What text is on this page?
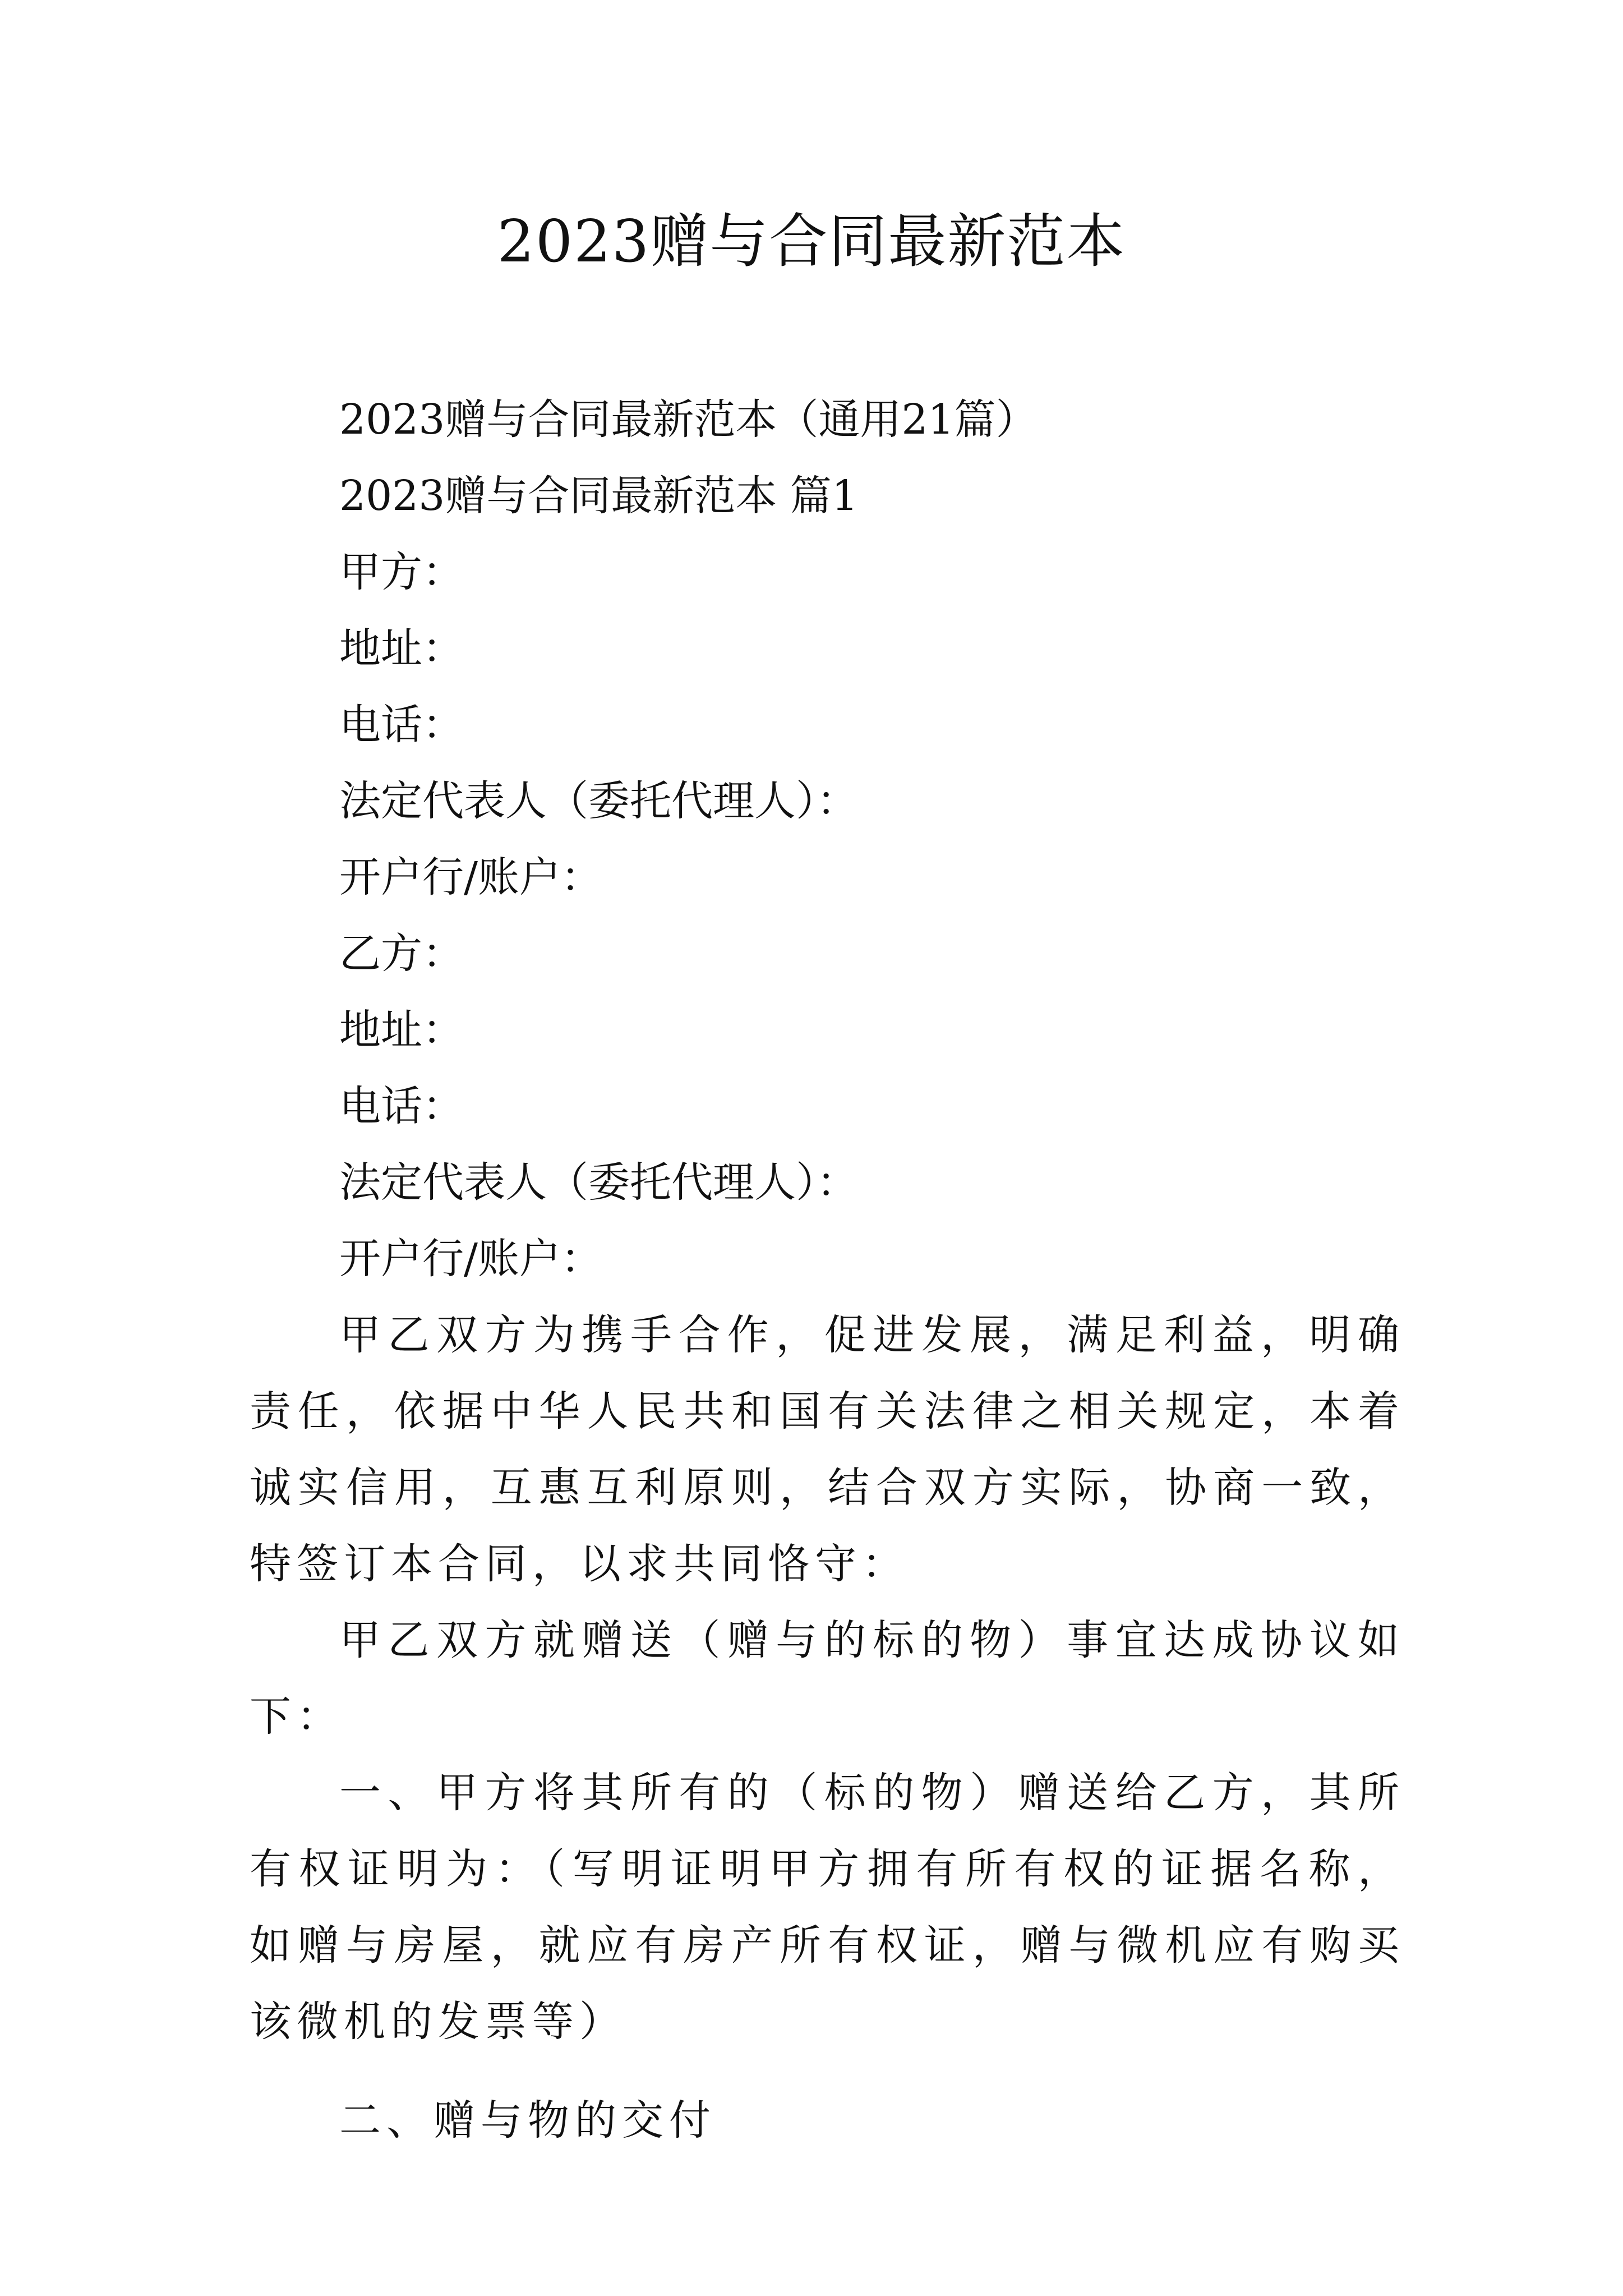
2023赠与合同最新范本

2023赠与合同最新范本（通用21篇）

2023赠与合同最新范本 篇1

甲方：

地址：

电话：

法定代表人（委托代理人）：

开户行/账户：

乙方：

地址：

电话：

法定代表人（委托代理人）：

开户行/账户：

甲乙双方为携手合作，促进发展，满足利益，明确责任，依据中华人民共和国有关法律之相关规定，本着诚实信用，互惠互利原则，结合双方实际，协商一致，特签订本合同，以求共同恪守：

甲乙双方就赠送（赠与的标的物）事宜达成协议如下：

一、甲方将其所有的（标的物）赠送给乙方，其所有权证明为：（写明证明甲方拥有所有权的证据名称，如赠与房屋，就应有房产所有权证，赠与微机应有购买该微机的发票等）

二、赠与物的交付
